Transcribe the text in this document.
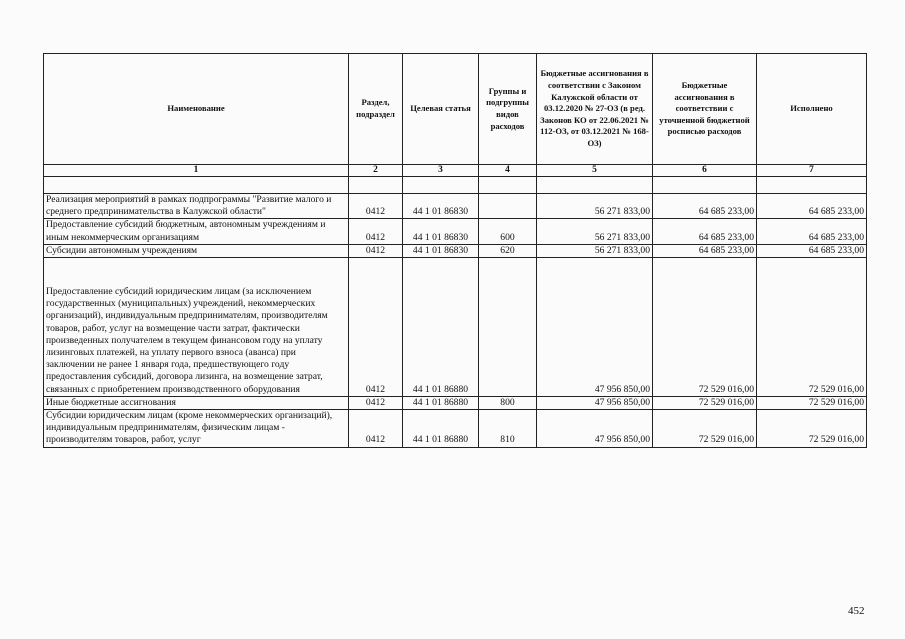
Наименование	Раздел, подраздел	Целевая статья	Группы и подгруппы видов расходов	Бюджетные ассигнования в соответствии с Законом Калужской области от 03.12.2020 № 27-ОЗ (в ред. Законов КО от 22.06.2021 № 112-ОЗ, от 03.12.2021 № 168-ОЗ)	Бюджетные ассигнования в соответствии с уточненной бюджетной росписью расходов	Исполнено
1	2	3	4	5	6	7

Реализация мероприятий в рамках подпрограммы "Развитие малого и среднего предпринимательства в Калужской области"	0412	44 1 01 86830		56 271 833,00	64 685 233,00	64 685 233,00
Предоставление субсидий бюджетным, автономным учреждениям и иным некоммерческим организациям	0412	44 1 01 86830	600	56 271 833,00	64 685 233,00	64 685 233,00
Субсидии автономным учреждениям	0412	44 1 01 86830	620	56 271 833,00	64 685 233,00	64 685 233,00
Предоставление субсидий юридическим лицам (за исключением государственных (муниципальных) учреждений, некоммерческих организаций), индивидуальным предпринимателям, производителям товаров, работ, услуг на возмещение части затрат, фактически произведенных получателем в текущем финансовом году на уплату лизинговых платежей, на уплату первого взноса (аванса) при заключении не ранее 1 января года, предшествующего году предоставления субсидий, договора лизинга, на возмещение затрат, связанных с приобретением производственного оборудования	0412	44 1 01 86880		47 956 850,00	72 529 016,00	72 529 016,00
Иные бюджетные ассигнования	0412	44 1 01 86880	800	47 956 850,00	72 529 016,00	72 529 016,00
Субсидии юридическим лицам (кроме некоммерческих организаций), индивидуальным предпринимателям, физическим лицам - производителям товаров, работ, услуг	0412	44 1 01 86880	810	47 956 850,00	72 529 016,00	72 529 016,00
452
